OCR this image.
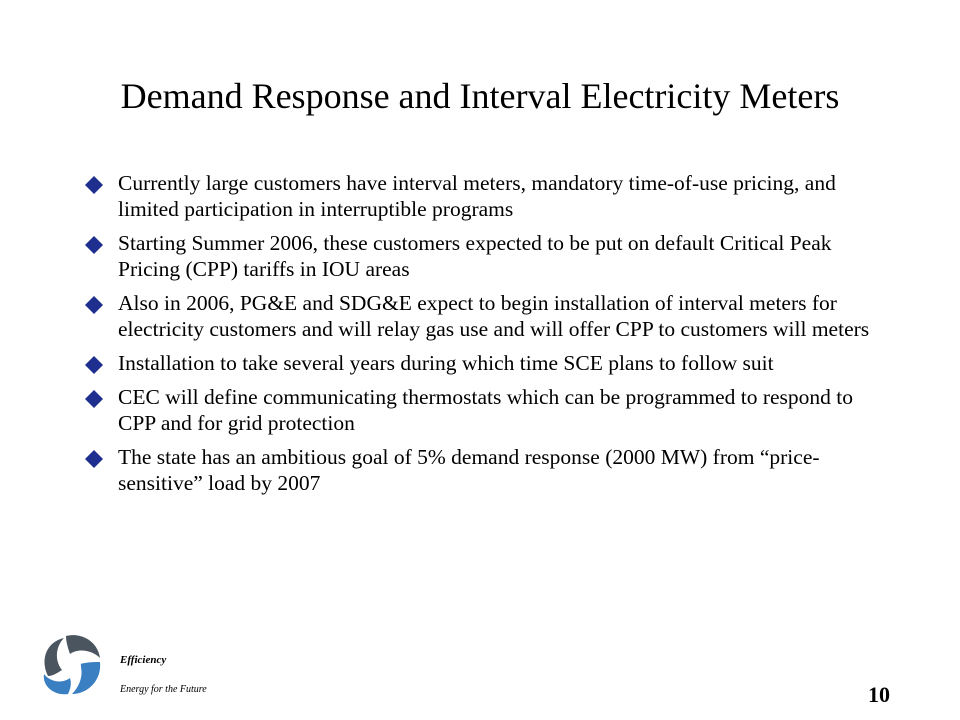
Demand Response and Interval Electricity Meters
Currently large customers have interval meters, mandatory time-of-use pricing, and limited participation in interruptible programs
Starting Summer 2006, these customers expected to be put on default Critical Peak Pricing (CPP) tariffs in IOU areas
Also in 2006, PG&E and SDG&E expect to begin installation of interval meters for electricity customers and will relay gas use and will offer CPP to customers will meters
Installation to take several years during which time SCE plans to follow suit
CEC will define communicating thermostats which can be programmed to respond to CPP and for grid protection
The state has an ambitious goal of 5% demand response (2000 MW) from “price-sensitive” load by 2007
Efficiency
Energy for the Future	10
